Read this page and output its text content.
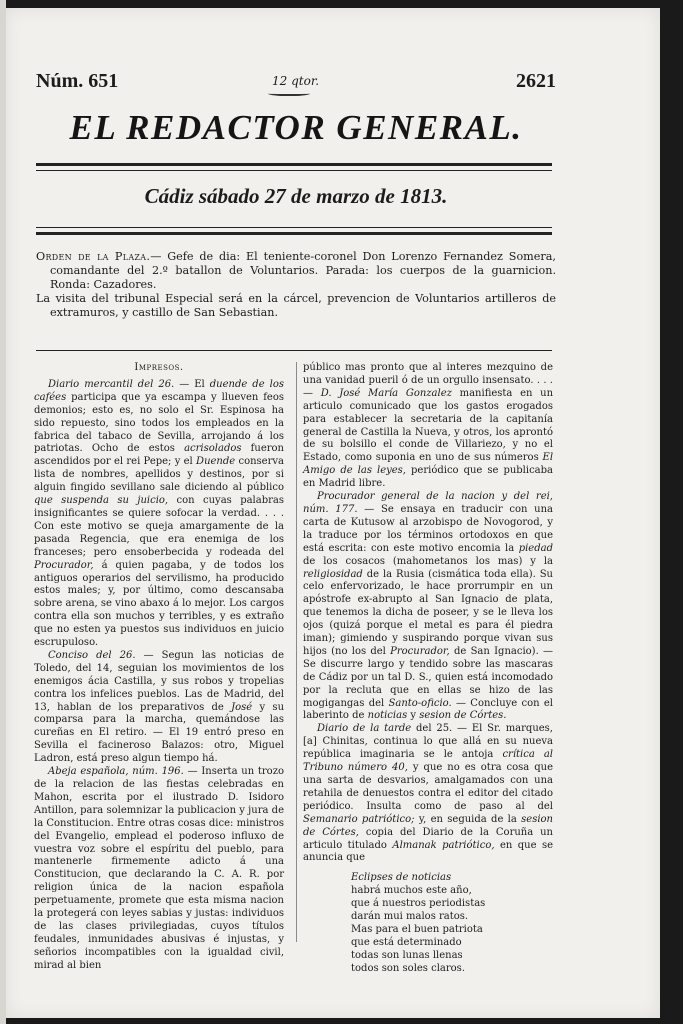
Núm. 651	12 qtor.	2621
EL REDACTOR GENERAL.
Cádiz sábado 27 de marzo de 1813.

Orden de la Plaza.— Gefe de dia: El teniente-coronel Don Lorenzo Fernandez Somera, comandante del 2.º batallon de Voluntarios. Parada: los cuerpos de la guarnicion. Ronda: Cazadores.

La visita del tribunal Especial será en la cárcel, prevencion de Voluntarios artilleros de extramuros, y castillo de San Sebastian.

Impresos.

Diario mercantil del 26. — El duende de los cafées participa que ya escampa y llueven feos demonios; esto es, no solo el Sr. Espinosa ha sido repuesto, sino todos los empleados en la fabrica del tabaco de Sevilla, arrojando á los patriotas. Ocho de estos acrisolados fueron ascendidos por el rei Pepe; y el Duende conserva lista de nombres, apellidos y destinos, por si alguin fingido sevillano sale diciendo al público que suspenda su juicio, con cuyas palabras insignificantes se quiere sofocar la verdad. . . . Con este motivo se queja amargamente de la pasada Regencia, que era enemiga de los franceses; pero ensoberbecida y rodeada del Procurador, á quien pagaba, y de todos los antiguos operarios del servilismo, ha producido estos males; y, por último, como descansaba sobre arena, se vino abaxo á lo mejor. Los cargos contra ella son muchos y terribles, y es extraño que no esten ya puestos sus individuos en juicio escrupuloso.

Conciso del 26. — Segun las noticias de Toledo, del 14, seguian los movimientos de los enemigos ácia Castilla, y sus robos y tropelias contra los infelices pueblos. Las de Madrid, del 13, hablan de los preparativos de José y su comparsa para la marcha, quemándose las cureñas en El retiro. — El 19 entró preso en Sevilla el facineroso Balazos: otro, Miguel Ladron, está preso algun tiempo há.

Abeja española, núm. 196. — Inserta un trozo de la relacion de las fiestas celebradas en Mahon, escrita por el ilustrado D. Isidoro Antillon, para solemnizar la publicacion y jura de la Constitucion. Entre otras cosas dice: ministros del Evangelio, emplead el poderoso influxo de vuestra voz sobre el espíritu del pueblo, para mantenerle firmemente adicto á una Constitucion, que declarando la C. A. R. por religion única de la nacion española perpetuamente, promete que esta misma nacion la protegerá con leyes sabias y justas: individuos de las clases privilegiadas, cuyos títulos feudales, inmunidades abusivas é injustas, y señorios incompatibles con la igualdad civil, mirad al bien

público mas pronto que al interes mezquino de una vanidad pueril ó de un orgullo insensato. . . . — D. José María Gonzalez manifiesta en un articulo comunicado que los gastos erogados para establecer la secretaria de la capitanía general de Castilla la Nueva, y otros, los aprontó de su bolsillo el conde de Villariezo, y no el Estado, como suponia en uno de sus números El Amigo de las leyes, periódico que se publicaba en Madrid libre.

Procurador general de la nacion y del rei, núm. 177. — Se ensaya en traducir con una carta de Kutusow al arzobispo de Novogorod, y la traduce por los términos ortodoxos en que está escrita: con este motivo encomia la piedad de los cosacos (mahometanos los mas) y la religiosidad de la Rusia (cismática toda ella). Su celo enfervorizado, le hace prorrumpir en un apóstrofe ex-abrupto al San Ignacio de plata, que tenemos la dicha de poseer, y se le lleva los ojos (quizá porque el metal es para él piedra iman); gimiendo y suspirando porque vivan sus hijos (no los del Procurador, de San Ignacio). — Se discurre largo y tendido sobre las mascaras de Cádiz por un tal D. S., quien está incomodado por la recluta que en ellas se hizo de las mogigangas del Santo-oficio. — Concluye con el laberinto de noticias y sesion de Córtes.

Diario de la tarde del 25. — El Sr. marques, [a] Chinitas, continua lo que allá en su nueva república imaginaria se le antoja crítica al Tribuno número 40, y que no es otra cosa que una sarta de desvarios, amalgamados con una retahila de denuestos contra el editor del citado periódico. Insulta como de paso al del Semanario patriótico; y, en seguida de la sesion de Córtes, copia del Diario de la Coruña un articulo titulado Almanak patriótico, en que se anuncia que

Eclipses de noticias
habrá muchos este año,
que á nuestros periodistas
darán mui malos ratos.
Mas para el buen patriota
que está determinado
todas son lunas llenas
todos son soles claros.
